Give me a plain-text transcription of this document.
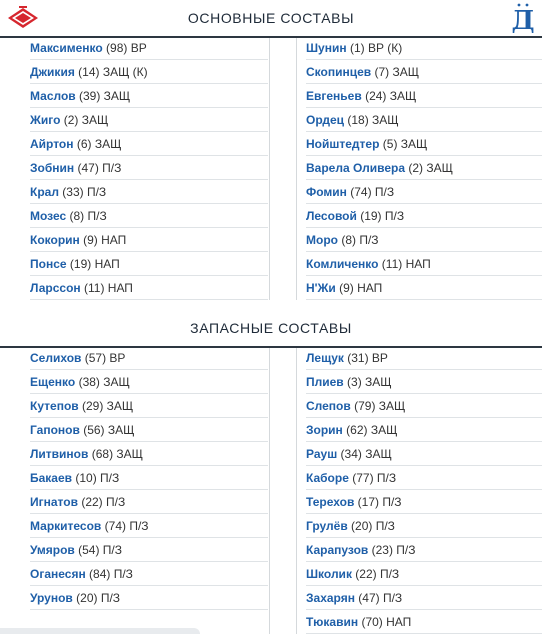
Д
ОСНОВНЫЕ СОСТАВЫ
Максименко (98) ВР
Джикия (14) ЗАЩ (К)
Маслов (39) ЗАЩ
Жиго (2) ЗАЩ
Айртон (6) ЗАЩ
Зобнин (47) П/З
Крал (33) П/З
Мозес (8) П/З
Кокорин (9) НАП
Понсе (19) НАП
Ларссон (11) НАП
Шунин (1) ВР (К)
Скопинцев (7) ЗАЩ
Евгеньев (24) ЗАЩ
Ордец (18) ЗАЩ
Нойштедтер (5) ЗАЩ
Варела Оливера (2) ЗАЩ
Фомин (74) П/З
Лесовой (19) П/З
Моро (8) П/З
Комличенко (11) НАП
Н'Жи (9) НАП
ЗАПАСНЫЕ СОСТАВЫ
Селихов (57) ВР
Ещенко (38) ЗАЩ
Кутепов (29) ЗАЩ
Гапонов (56) ЗАЩ
Литвинов (68) ЗАЩ
Бакаев (10) П/З
Игнатов (22) П/З
Маркитесов (74) П/З
Умяров (54) П/З
Оганесян (84) П/З
Урунов (20) П/З
Лещук (31) ВР
Плиев (3) ЗАЩ
Слепов (79) ЗАЩ
Зорин (62) ЗАЩ
Рауш (34) ЗАЩ
Каборе (77) П/З
Терехов (17) П/З
Грулёв (20) П/З
Карапузов (23) П/З
Школик (22) П/З
Захарян (47) П/З
Тюкавин (70) НАП
